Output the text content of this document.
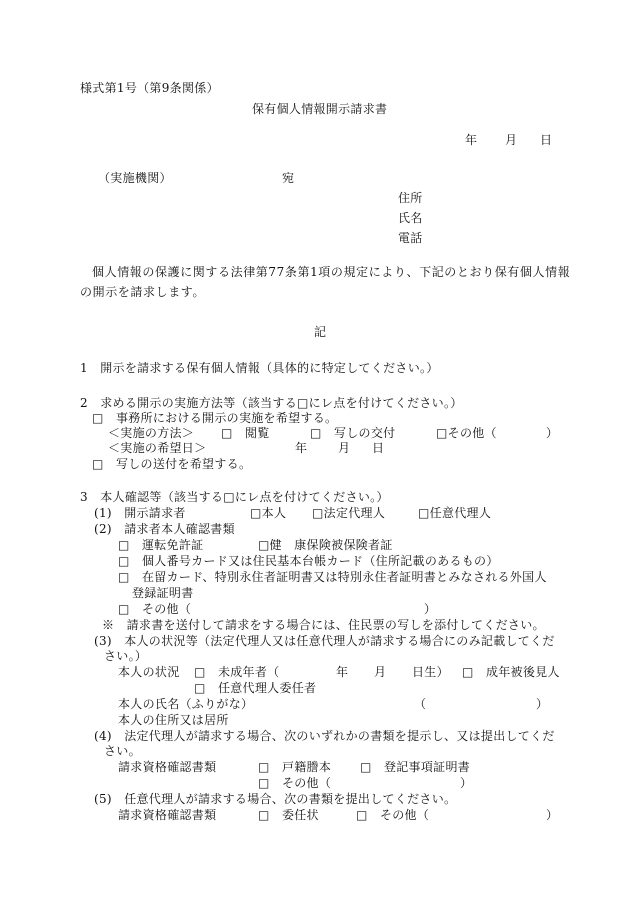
様式第1号（第9条関係）
保有個人情報開示請求書
年 月 日
（実施機関）	宛
住所
氏名
電話
個人情報の保護に関する法律第77条第1項の規定により、下記のとおり保有個人情報
の開示を請求します。
記
1　開示を請求する保有個人情報（具体的に特定してください。）
2　求める開示の実施方法等（該当する□にレ点を付けてください。）
□　事務所における開示の実施を希望する。
＜実施の方法＞ □　閲覧	□　写しの交付	□その他（	）
＜実施の希望日＞	年	月 日
□　写しの送付を希望する。
3　本人確認等（該当する□にレ点を付けてください。）
(1)　開示請求者	□本人 □法定代理人	□任意代理人
(2)　請求者本人確認書類
□　運転免許証	□健　康保険被保険者証
□　個人番号カード又は住民基本台帳カード（住所記載のあるもの）
□　在留カード、特別永住者証明書又は特別永住者証明書とみなされる外国人
登録証明書
□　その他（	）
※　請求書を送付して請求をする場合には、住民票の写しを添付してください。
(3)　本人の状況等（法定代理人又は任意代理人が請求する場合にのみ記載してくだ
さい。）
本人の状況 □　未成年者（	年 月 日生） □　成年被後見人
□　任意代理人委任者
本人の氏名（ふりがな）	（	）
本人の住所又は居所
(4)　法定代理人が請求する場合、次のいずれかの書類を提示し、又は提出してくだ
さい。
請求資格確認書類	□　戸籍謄本 □　登記事項証明書
□　その他（	）
(5)　任意代理人が請求する場合、次の書類を提出してください。
請求資格確認書類	□　委任状	□　その他（	）
